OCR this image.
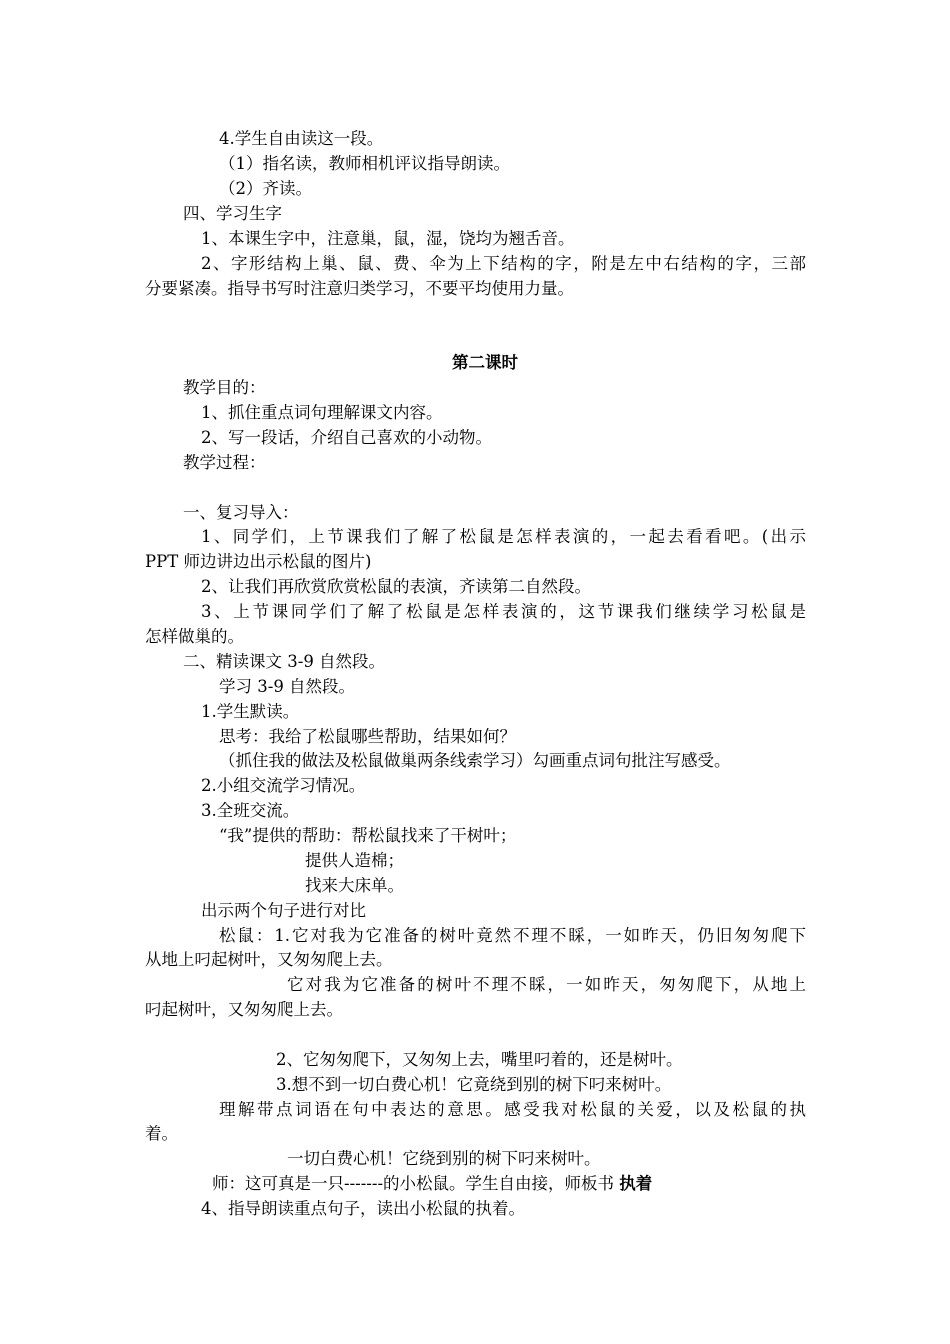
4.学生自由读这一段。
（1）指名读，教师相机评议指导朗读。
（2）齐读。
四、学习生字
1、本课生字中，注意巢，鼠，湿，饶均为翘舌音。
2、字形结构上巢、鼠、费、伞为上下结构的字，附是左中右结构的字，三部
分要紧凑。指导书写时注意归类学习，不要平均使用力量。
第二课时
教学目的：
1、抓住重点词句理解课文内容。
2、写一段话，介绍自己喜欢的小动物。
教学过程：
一、复习导入：
1、同学们，上节课我们了解了松鼠是怎样表演的，一起去看看吧。(出示
PPT 师边讲边出示松鼠的图片)
2、让我们再欣赏欣赏松鼠的表演，齐读第二自然段。
3、上节课同学们了解了松鼠是怎样表演的，这节课我们继续学习松鼠是
怎样做巢的。
二、精读课文 3-9 自然段。
学习 3-9 自然段。
1.学生默读。
思考：我给了松鼠哪些帮助，结果如何？
（抓住我的做法及松鼠做巢两条线索学习）勾画重点词句批注写感受。
2.小组交流学习情况。
3.全班交流。
“我”提供的帮助：帮松鼠找来了干树叶；
提供人造棉；
找来大床单。
出示两个句子进行对比
松鼠：1.它对我为它准备的树叶竟然不理不睬，一如昨天，仍旧匆匆爬下
从地上叼起树叶，又匆匆爬上去。
它对我为它准备的树叶不理不睬，一如昨天，匆匆爬下，从地上
叼起树叶，又匆匆爬上去。
2、它匆匆爬下，又匆匆上去，嘴里叼着的，还是树叶。
3.想不到一切白费心机！它竟绕到别的树下叼来树叶。
理解带点词语在句中表达的意思。感受我对松鼠的关爱，以及松鼠的执
着。
一切白费心机！它绕到别的树下叼来树叶。
师：这可真是一只-------的小松鼠。学生自由接，师板书 执着
4、指导朗读重点句子，读出小松鼠的执着。
